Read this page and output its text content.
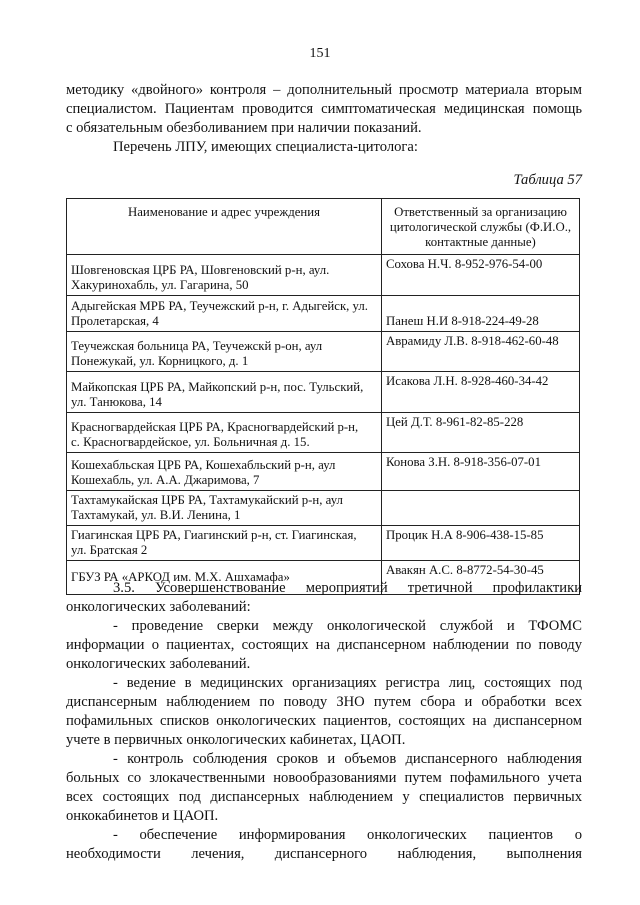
151

методику «двойного» контроля – дополнительный просмотр материала вторым
специалистом. Пациентам проводится симптоматическая медицинская помощь
с обязательным обезболиванием при наличии показаний.

Перечень ЛПУ, имеющих специалиста-цитолога:

Таблица 57
Наименование и адрес учреждения	Ответственный за организацию цитологической службы (Ф.И.О., контактные данные)

Шовгеновская ЦРБ РА, Шовгеновский р-н, аул.
Хакуринохабль, ул. Гагарина, 50	Сохова Н.Ч. 8-952-976-54-00

Адыгейская МРБ РА, Теучежский р-н, г. Адыгейск, ул.
Пролетарская, 4	Панеш Н.И 8-918-224-49-28

Теучежская больница РА, Теучежскй р-он, аул
Понежукай, ул. Корницкого, д. 1	Аврамиду Л.В. 8-918-462-60-48

Майкопская ЦРБ РА, Майкопский р-н, пос. Тульский,
ул. Танюкова, 14	Исакова Л.Н. 8-928-460-34-42

Красногвардейская ЦРБ РА, Красногвардейский р-н,
с. Красногвардейское, ул. Больничная д. 15.	Цей Д.Т. 8-961-82-85-228

Кошехабльская ЦРБ РА, Кошехабльский р-н, аул
Кошехабль, ул. А.А. Джаримова, 7	Конова З.Н. 8-918-356-07-01

Тахтамукайская ЦРБ РА, Тахтамукайский р-н, аул
Тахтамукай, ул. В.И. Ленина, 1	

Гиагинская ЦРБ РА, Гиагинский р-н, ст. Гиагинская,
ул. Братская 2	Процик Н.А 8-906-438-15-85

ГБУЗ РА «АРКОД им. М.Х. Ашхамафа»	Авакян А.С. 8-8772-54-30-45

3.5. Усовершенствование мероприятий третичной профилактики
онкологических заболеваний:

- проведение сверки между онкологической службой и ТФОМС
информации о пациентах, состоящих на диспансерном наблюдении по поводу
онкологических заболеваний.

- ведение в медицинских организациях регистра лиц, состоящих под
диспансерным наблюдением по поводу ЗНО путем сбора и обработки всех
пофамильных списков онкологических пациентов, состоящих на диспансерном
учете в первичных онкологических кабинетах, ЦАОП.

- контроль соблюдения сроков и объемов диспансерного наблюдения
больных со злокачественными новообразованиями путем пофамильного учета
всех состоящих под диспансерных наблюдением у специалистов первичных
онкокабинетов и ЦАОП.

- обеспечение информирования онкологических пациентов о
необходимости лечения, диспансерного наблюдения, выполнения
